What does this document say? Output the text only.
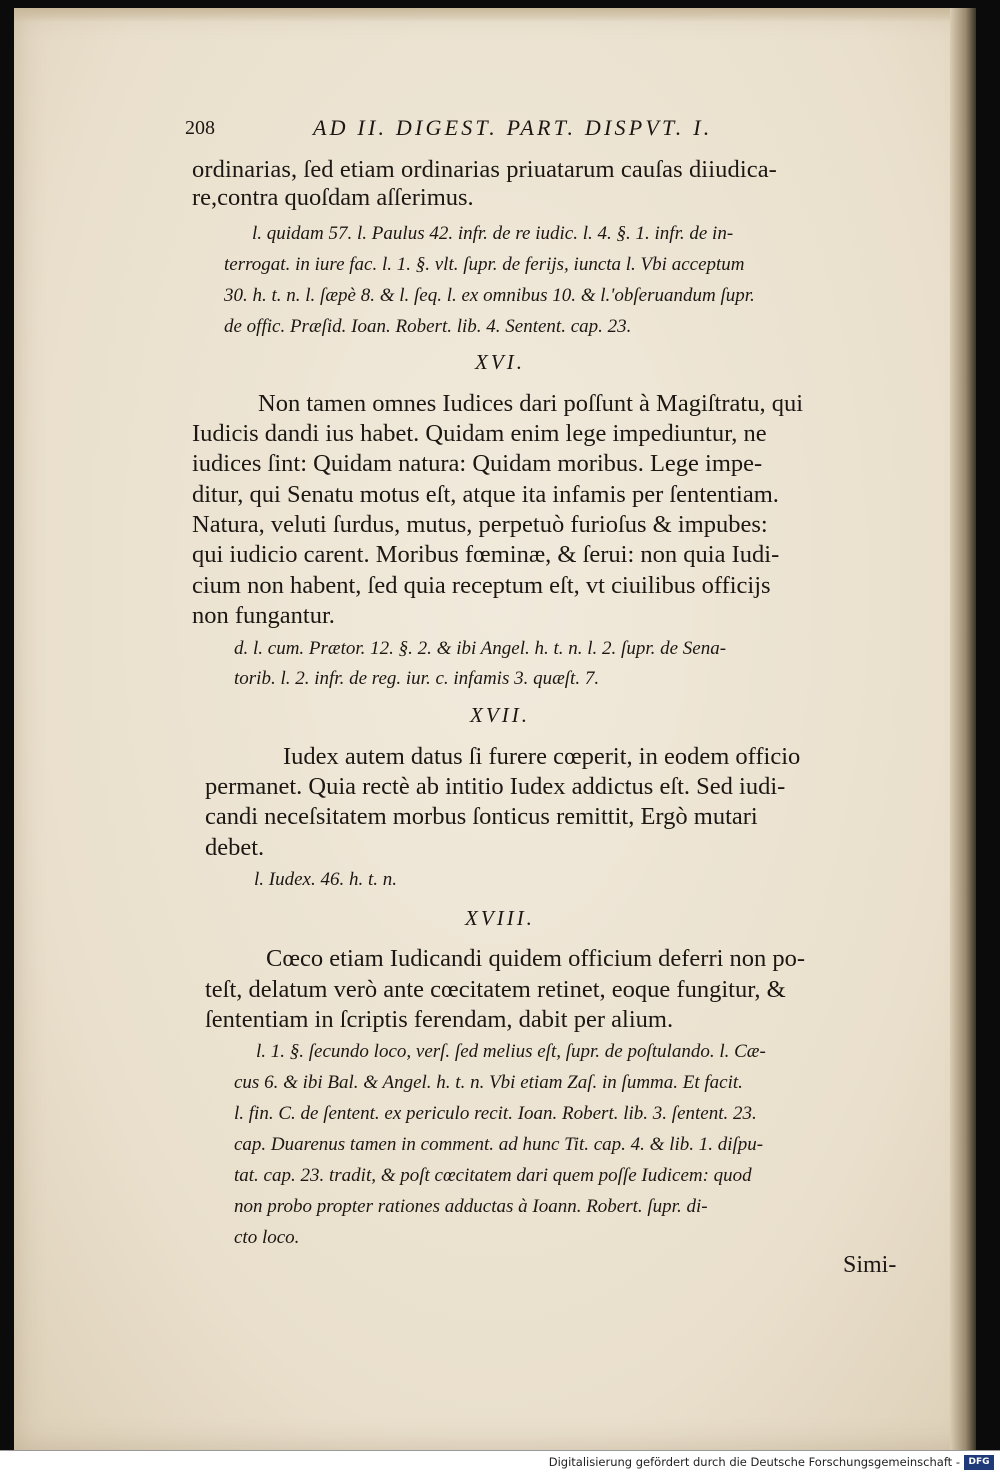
208	AD II. DIGEST. PART. DISPVT. I.
ordinarias, ſed etiam ordinarias priuatarum cauſas diiudica-
re,contra quoſdam aſſerimus.
l. quidam 57. l. Paulus 42. infr. de re iudic. l. 4. §. 1. infr. de in-
terrogat. in iure fac. l. 1. §. vlt. ſupr. de ferijs, iuncta l. Vbi acceptum
30. h. t. n. l. ſæpè 8. & l. ſeq. l. ex omnibus 10. & l.'obſeruandum ſupr.
de offic. Præſid. Ioan. Robert. lib. 4. Sentent. cap. 23.
XVI.
Non tamen omnes Iudices dari poſſunt à Magiſtratu, qui
Iudicis dandi ius habet. Quidam enim lege impediuntur, ne
iudices ſint: Quidam natura: Quidam moribus. Lege impe-
ditur, qui Senatu motus eſt, atque ita infamis per ſententiam.
Natura, veluti ſurdus, mutus, perpetuò furioſus & impubes:
qui iudicio carent. Moribus fœminæ, & ſerui: non quia Iudi-
cium non habent, ſed quia receptum eſt, vt ciuilibus officijs
non fungantur.
d. l. cum. Prætor. 12. §. 2. & ibi Angel. h. t. n. l. 2. ſupr. de Sena-
torib. l. 2. infr. de reg. iur. c. infamis 3. quæſt. 7.
XVII.
Iudex autem datus ſi furere cœperit, in eodem officio
permanet. Quia rectè ab intitio Iudex addictus eſt. Sed iudi-
candi neceſsitatem morbus ſonticus remittit, Ergò mutari
debet.
l. Iudex. 46. h. t. n.
XVIII.
Cœco etiam Iudicandi quidem officium deferri non po-
teſt, delatum verò ante cœcitatem retinet, eoque fungitur, &
ſententiam in ſcriptis ferendam, dabit per alium.
l. 1. §. ſecundo loco, verſ. ſed melius eſt, ſupr. de poſtulando. l. Cæ-
cus 6. & ibi Bal. & Angel. h. t. n. Vbi etiam Zaſ. in ſumma. Et facit.
l. fin. C. de ſentent. ex periculo recit. Ioan. Robert. lib. 3. ſentent. 23.
cap. Duarenus tamen in comment. ad hunc Tit. cap. 4. & lib. 1. diſpu-
tat. cap. 23. tradit, & poſt cœcitatem dari quem poſſe Iudicem: quod
non probo propter rationes adductas à Ioann. Robert. ſupr. di-
cto loco.
Simi-
Digitalisierung gefördert durch die Deutsche Forschungsgemeinschaft - DFG
